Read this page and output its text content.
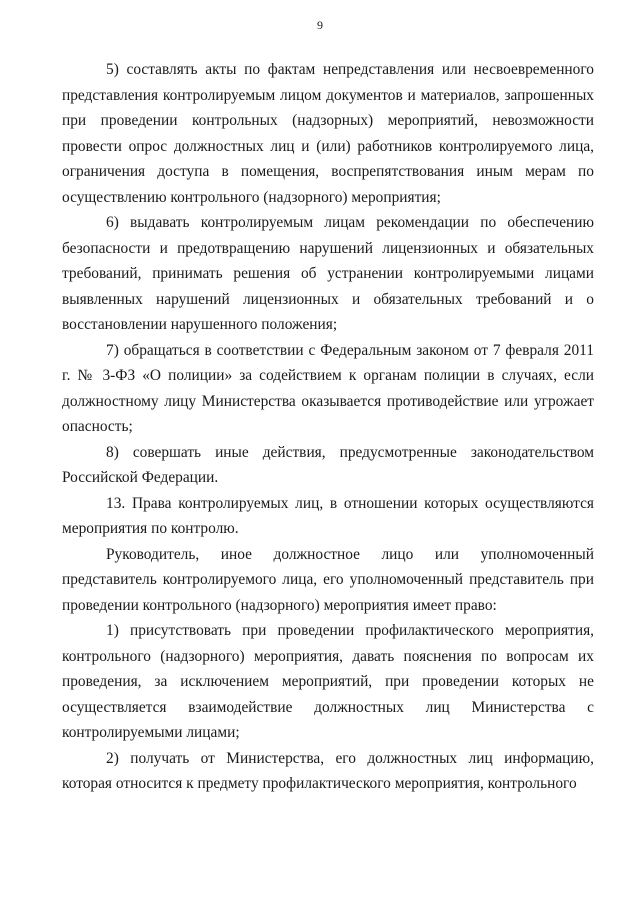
9

5) составлять акты по фактам непредставления или несвоевременного представления контролируемым лицом документов и материалов, запрошенных при проведении контрольных (надзорных) мероприятий, невозможности провести опрос должностных лиц и (или) работников контролируемого лица, ограничения доступа в помещения, воспрепятствования иным мерам по осуществлению контрольного (надзорного) мероприятия;

6) выдавать контролируемым лицам рекомендации по обеспечению безопасности и предотвращению нарушений лицензионных и обязательных требований, принимать решения об устранении контролируемыми лицами выявленных нарушений лицензионных и обязательных требований и о восстановлении нарушенного положения;

7) обращаться в соответствии с Федеральным законом от 7 февраля 2011 г. № 3-ФЗ «О полиции» за содействием к органам полиции в случаях, если должностному лицу Министерства оказывается противодействие или угрожает опасность;

8) совершать иные действия, предусмотренные законодательством Российской Федерации.

13. Права контролируемых лиц, в отношении которых осуществляются мероприятия по контролю.

Руководитель, иное должностное лицо или уполномоченный представитель контролируемого лица, его уполномоченный представитель при проведении контрольного (надзорного) мероприятия имеет право:

1) присутствовать при проведении профилактического мероприятия, контрольного (надзорного) мероприятия, давать пояснения по вопросам их проведения, за исключением мероприятий, при проведении которых не осуществляется взаимодействие должностных лиц Министерства с контролируемыми лицами;

2) получать от Министерства, его должностных лиц информацию, которая относится к предмету профилактического мероприятия, контрольного
